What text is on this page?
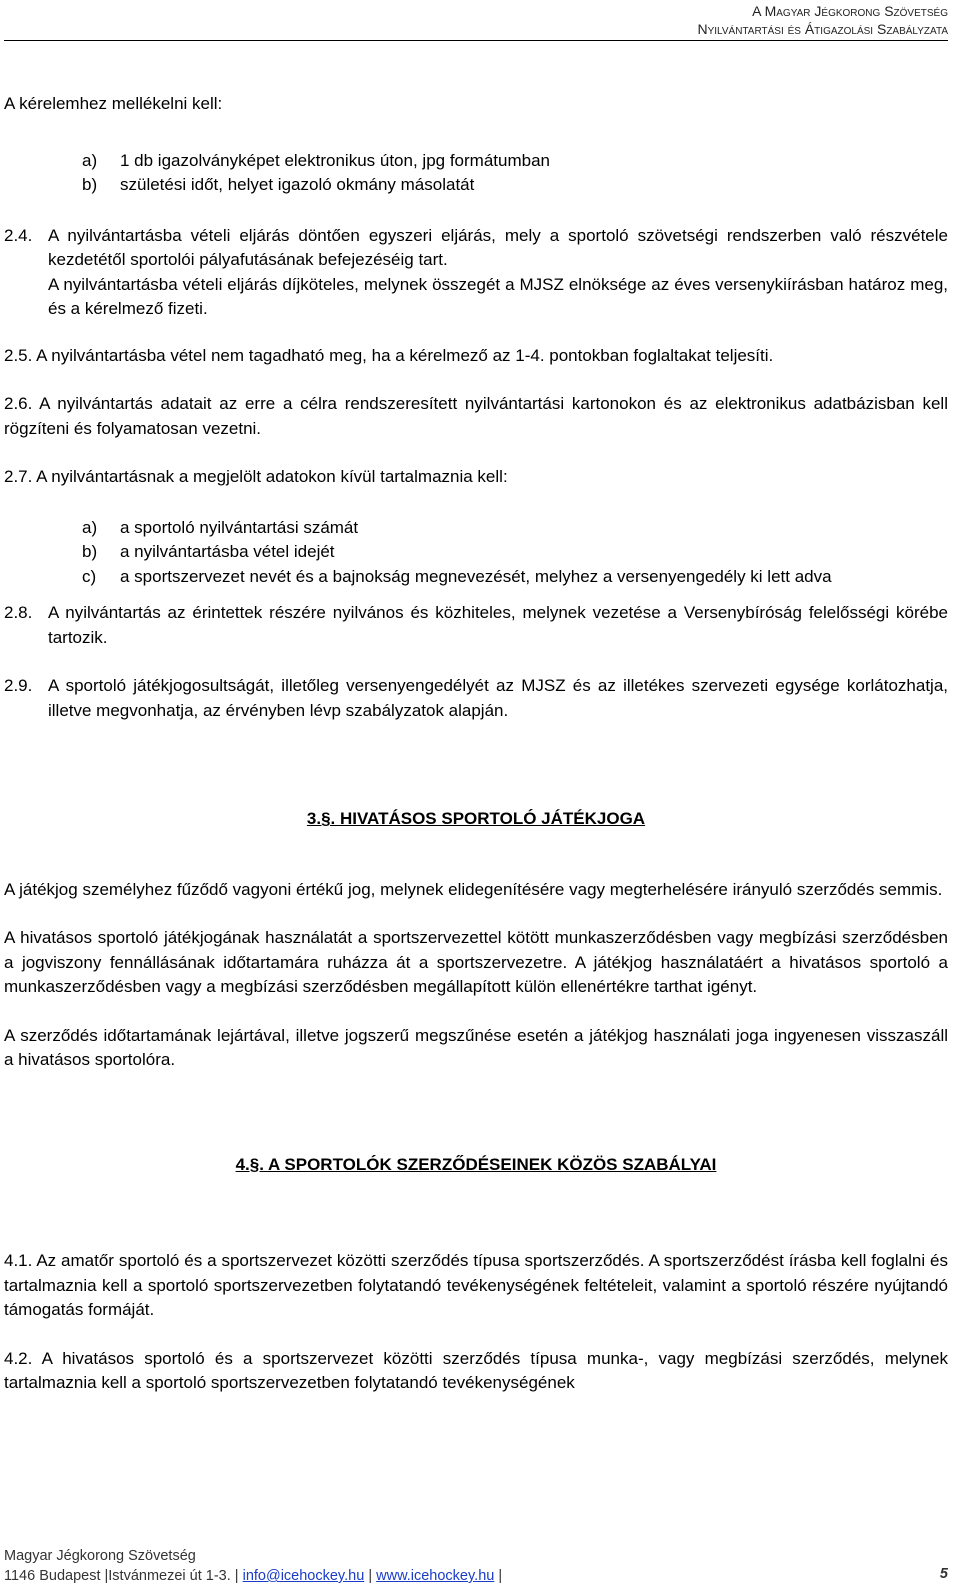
A Magyar Jégkorong Szövetség
Nyilvántartási és Átigazolási Szabályzata

A kérelemhez mellékelni kell:

a)	1 db igazolványképet elektronikus úton, jpg formátumban
b)	születési időt, helyet igazoló okmány másolatát
2.4. A nyilvántartásba vételi eljárás döntően egyszeri eljárás, mely a sportoló szövetségi rendszerben való részvétele kezdetétől sportolói pályafutásának befejezéséig tart.

A nyilvántartásba vételi eljárás díjköteles, melynek összegét a MJSZ elnöksége az éves versenykiírásban határoz meg, és a kérelmező fizeti.

2.5. A nyilvántartásba vétel nem tagadható meg, ha a kérelmező az 1-4. pontokban foglaltakat teljesíti.

2.6. A nyilvántartás adatait az erre a célra rendszeresített nyilvántartási kartonokon és az elektronikus adatbázisban kell rögzíteni és folyamatosan vezetni.

2.7. A nyilvántartásnak a megjelölt adatokon kívül tartalmaznia kell:

a)	a sportoló nyilvántartási számát
b)	a nyilvántartásba vétel idejét
c)	a sportszervezet nevét és a bajnokság megnevezését, melyhez a versenyengedély ki lett adva
2.8. A nyilvántartás az érintettek részére nyilvános és közhiteles, melynek vezetése a Versenybíróság felelősségi körébe tartozik.

2.9. A sportoló játékjogosultságát, illetőleg versenyengedélyét az MJSZ és az illetékes szervezeti egysége korlátozhatja, illetve megvonhatja, az érvényben lévp szabályzatok alapján.

3.§. HIVATÁSOS SPORTOLÓ JÁTÉKJOGA

A játékjog személyhez fűződő vagyoni értékű jog, melynek elidegenítésére vagy megterhelésére irányuló szerződés semmis.

A hivatásos sportoló játékjogának használatát a sportszervezettel kötött munkaszerződésben vagy megbízási szerződésben a jogviszony fennállásának időtartamára ruházza át a sportszervezetre. A játékjog használatáért a hivatásos sportoló a munkaszerződésben vagy a megbízási szerződésben megállapított külön ellenértékre tarthat igényt.

A szerződés időtartamának lejártával, illetve jogszerű megszűnése esetén a játékjog használati joga ingyenesen visszaszáll a hivatásos sportolóra.

4.§. A SPORTOLÓK SZERZŐDÉSEINEK KÖZÖS SZABÁLYAI

4.1. Az amatőr sportoló és a sportszervezet közötti szerződés típusa sportszerződés. A sportszerződést írásba kell foglalni és tartalmaznia kell a sportoló sportszervezetben folytatandó tevékenységének feltételeit, valamint a sportoló részére nyújtandó támogatás formáját.

4.2. A hivatásos sportoló és a sportszervezet közötti szerződés típusa munka-, vagy megbízási szerződés, melynek tartalmaznia kell a sportoló sportszervezetben folytatandó tevékenységének

Magyar Jégkorong Szövetség
1146 Budapest |Istvánmezei út 1-3. | info@icehockey.hu | www.icehockey.hu |	5
